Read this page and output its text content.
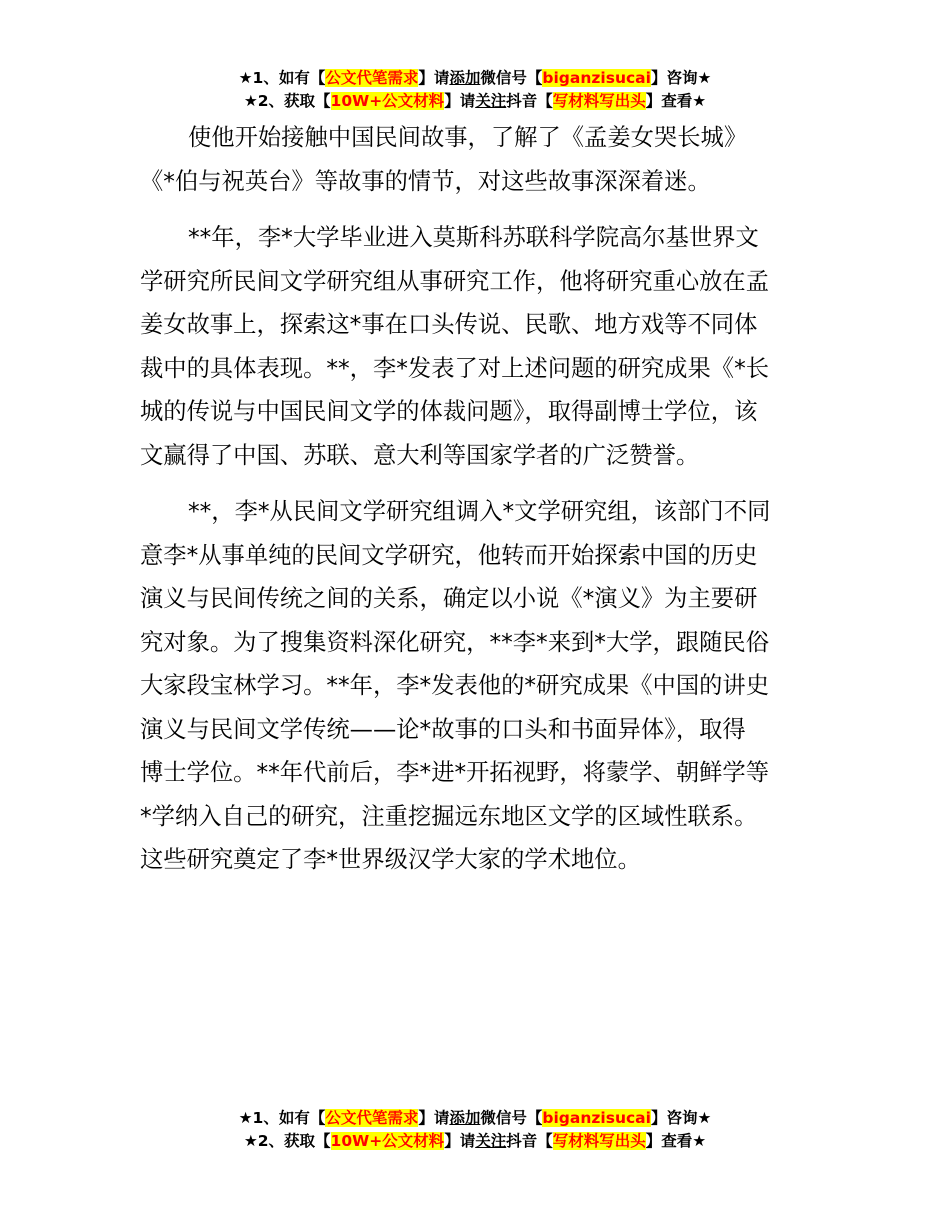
★1、如有【公文代笔需求】请添加微信号【biganzisucai】咨询★
★2、获取【10W+公文材料】请关注抖音【写材料写出头】查看★
使他开始接触中国民间故事，了解了《孟姜女哭长城》
《*伯与祝英台》等故事的情节，对这些故事深深着迷。
**年，李*大学毕业进入莫斯科苏联科学院高尔基世界文
学研究所民间文学研究组从事研究工作，他将研究重心放在孟
姜女故事上，探索这*事在口头传说、民歌、地方戏等不同体
裁中的具体表现。**，李*发表了对上述问题的研究成果《*长
城的传说与中国民间文学的体裁问题》，取得副博士学位，该
文赢得了中国、苏联、意大利等国家学者的广泛赞誉。
**，李*从民间文学研究组调入*文学研究组，该部门不同
意李*从事单纯的民间文学研究，他转而开始探索中国的历史
演义与民间传统之间的关系，确定以小说《*演义》为主要研
究对象。为了搜集资料深化研究，**李*来到*大学，跟随民俗
大家段宝林学习。**年，李*发表他的*研究成果《中国的讲史
演义与民间文学传统——论*故事的口头和书面异体》，取得
博士学位。**年代前后，李*进*开拓视野，将蒙学、朝鲜学等
*学纳入自己的研究，注重挖掘远东地区文学的区域性联系。
这些研究奠定了李*世界级汉学大家的学术地位。
★1、如有【公文代笔需求】请添加微信号【biganzisucai】咨询★
★2、获取【10W+公文材料】请关注抖音【写材料写出头】查看★
